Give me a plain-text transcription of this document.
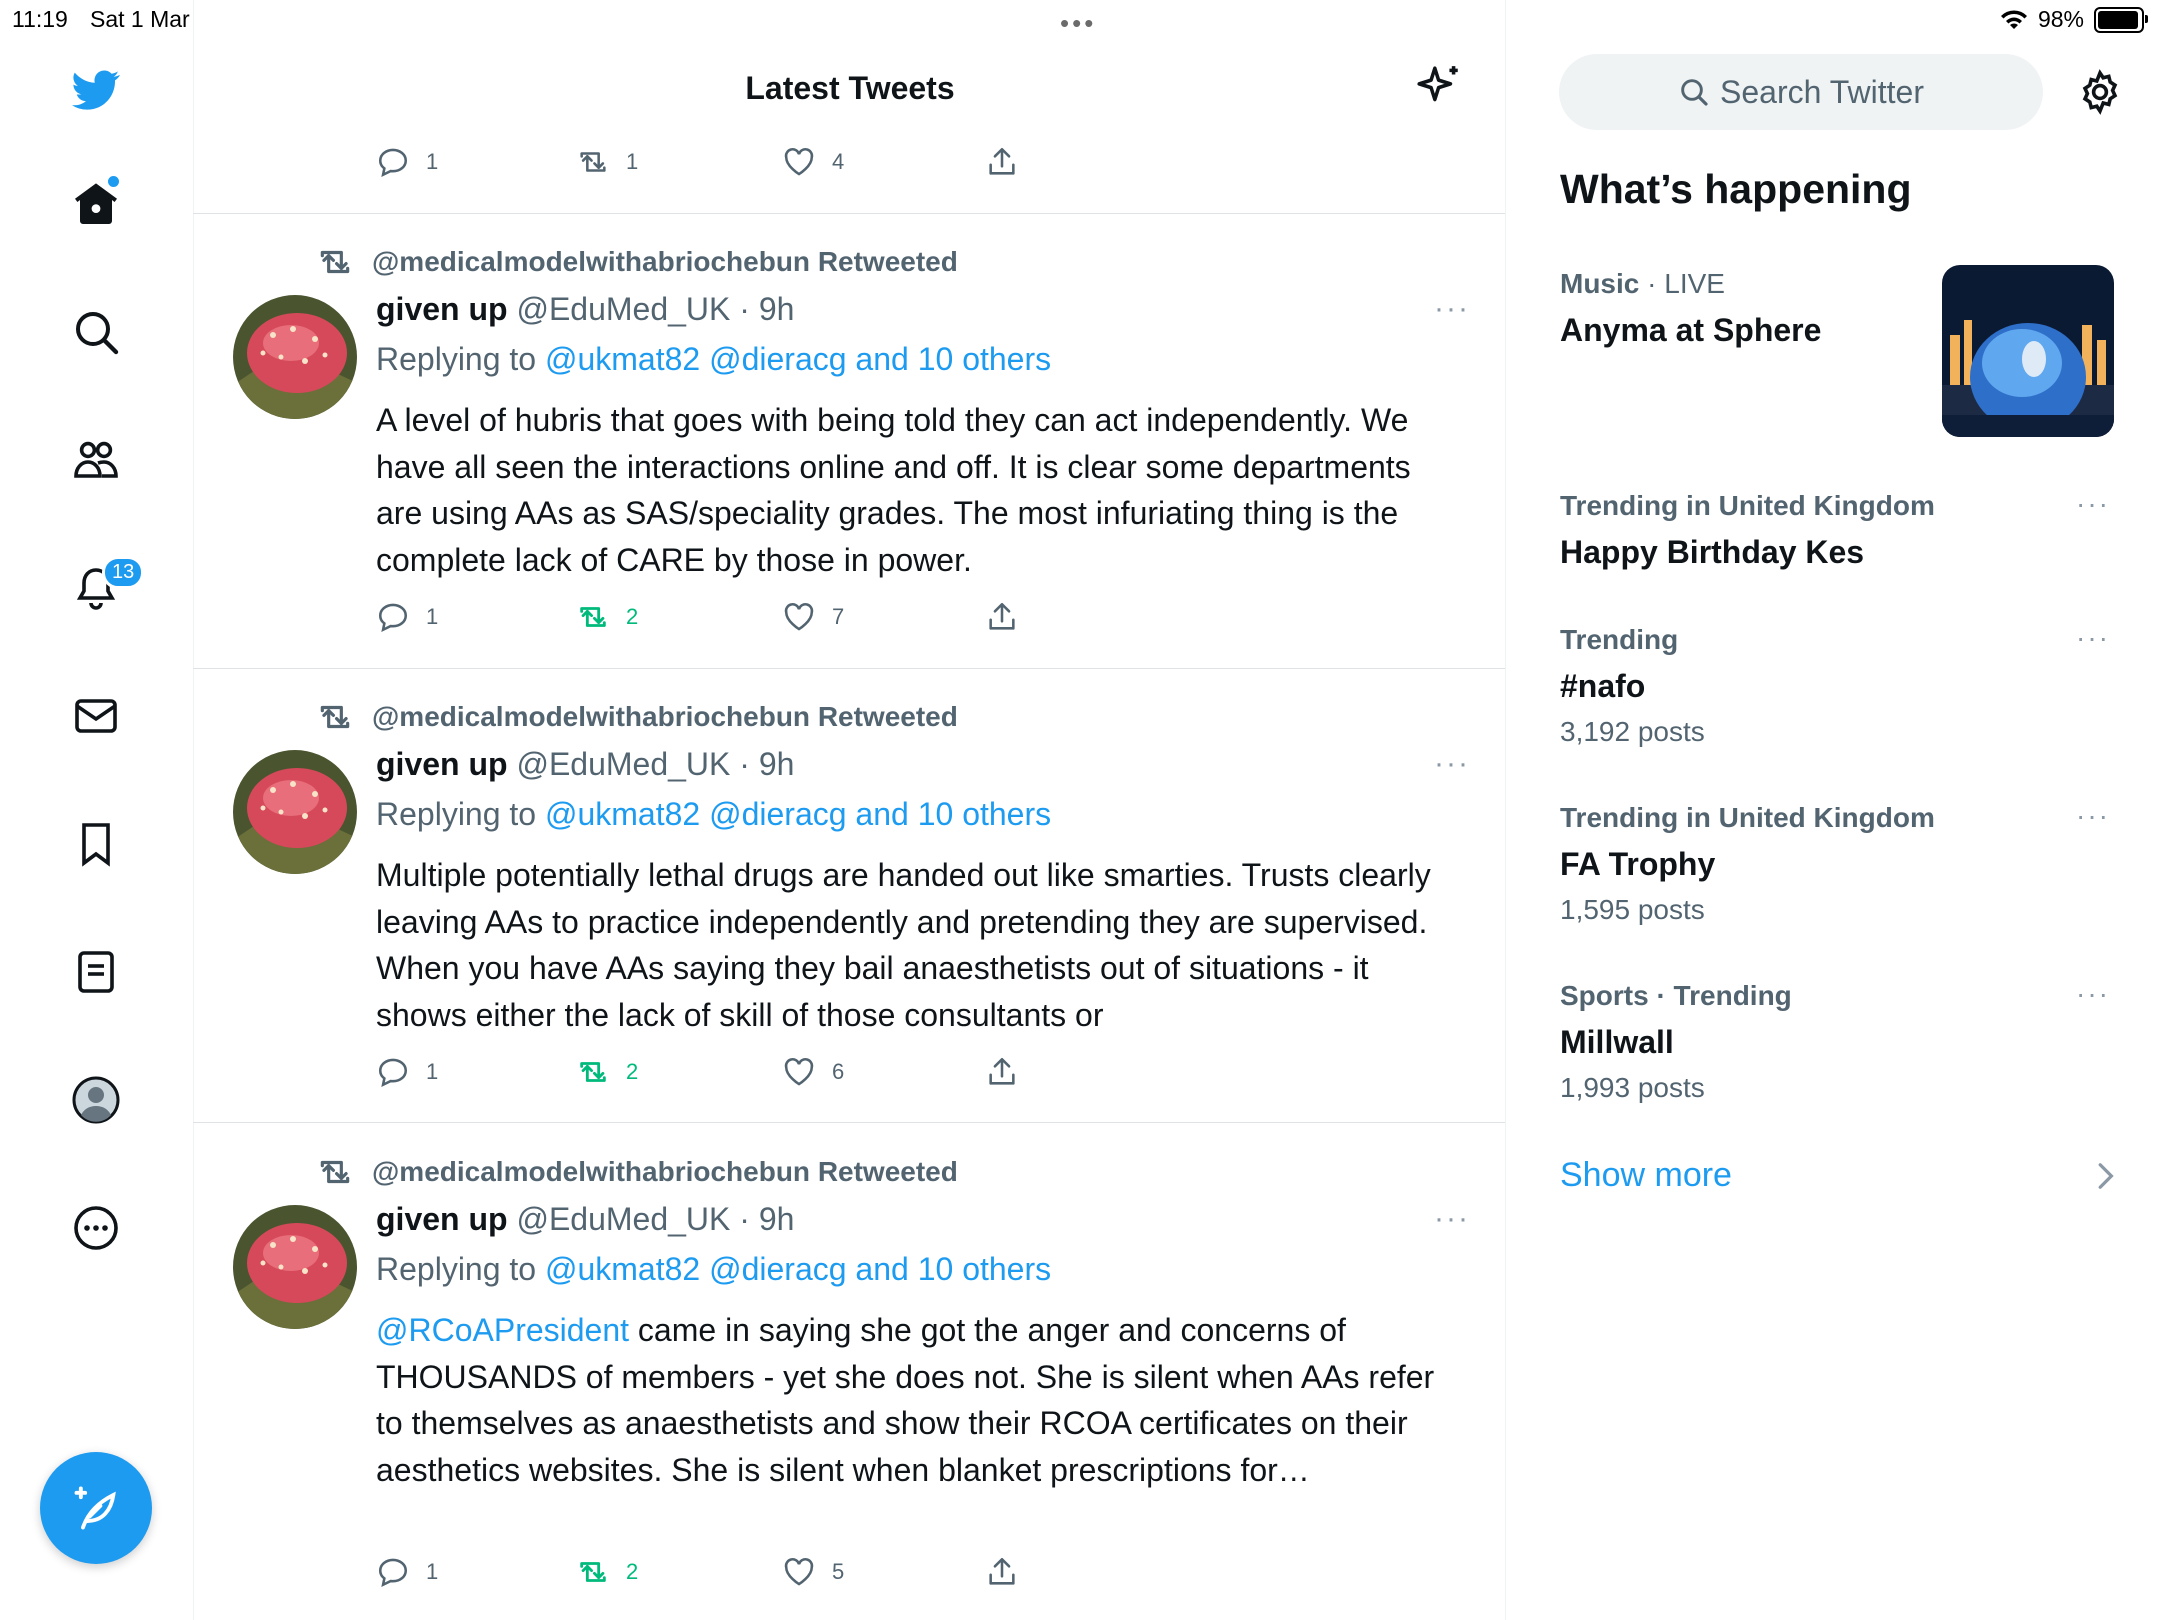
11:19 Sat 1 Mar	•••	98%
13
Latest Tweets
1	1	4
@medicalmodelwithabriochebun Retweeted
given up @EduMed_UK · 9h	···
Replying to @ukmat82 @dieracg and 10 others
A level of hubris that goes with being told they can act independently. We have all seen the interactions online and off. It is clear some departments are using AAs as SAS/speciality grades. The most infuriating thing is the complete lack of CARE by those in power.
1	2	7
@medicalmodelwithabriochebun Retweeted
given up @EduMed_UK · 9h	···
Replying to @ukmat82 @dieracg and 10 others
Multiple potentially lethal drugs are handed out like smarties. Trusts clearly leaving AAs to practice independently and pretending they are supervised. When you have AAs saying they bail anaesthetists out of situations - it shows either the lack of skill of those consultants or
1	2	6
@medicalmodelwithabriochebun Retweeted
given up @EduMed_UK · 9h	···
Replying to @ukmat82 @dieracg and 10 others
@RCoAPresident came in saying she got the anger and concerns of THOUSANDS of members - yet she does not. She is silent when AAs refer to themselves as anaesthetists and show their RCOA certificates on their aesthetics websites. She is silent when blanket prescriptions for…
1	2	5
Search Twitter
What’s happening
Music · LIVE
Anyma at Sphere
Trending in United Kingdom	···
Happy Birthday Kes
Trending	···
#nafo
3,192 posts
Trending in United Kingdom	···
FA Trophy
1,595 posts
Sports · Trending	···
Millwall
1,993 posts
Show more
